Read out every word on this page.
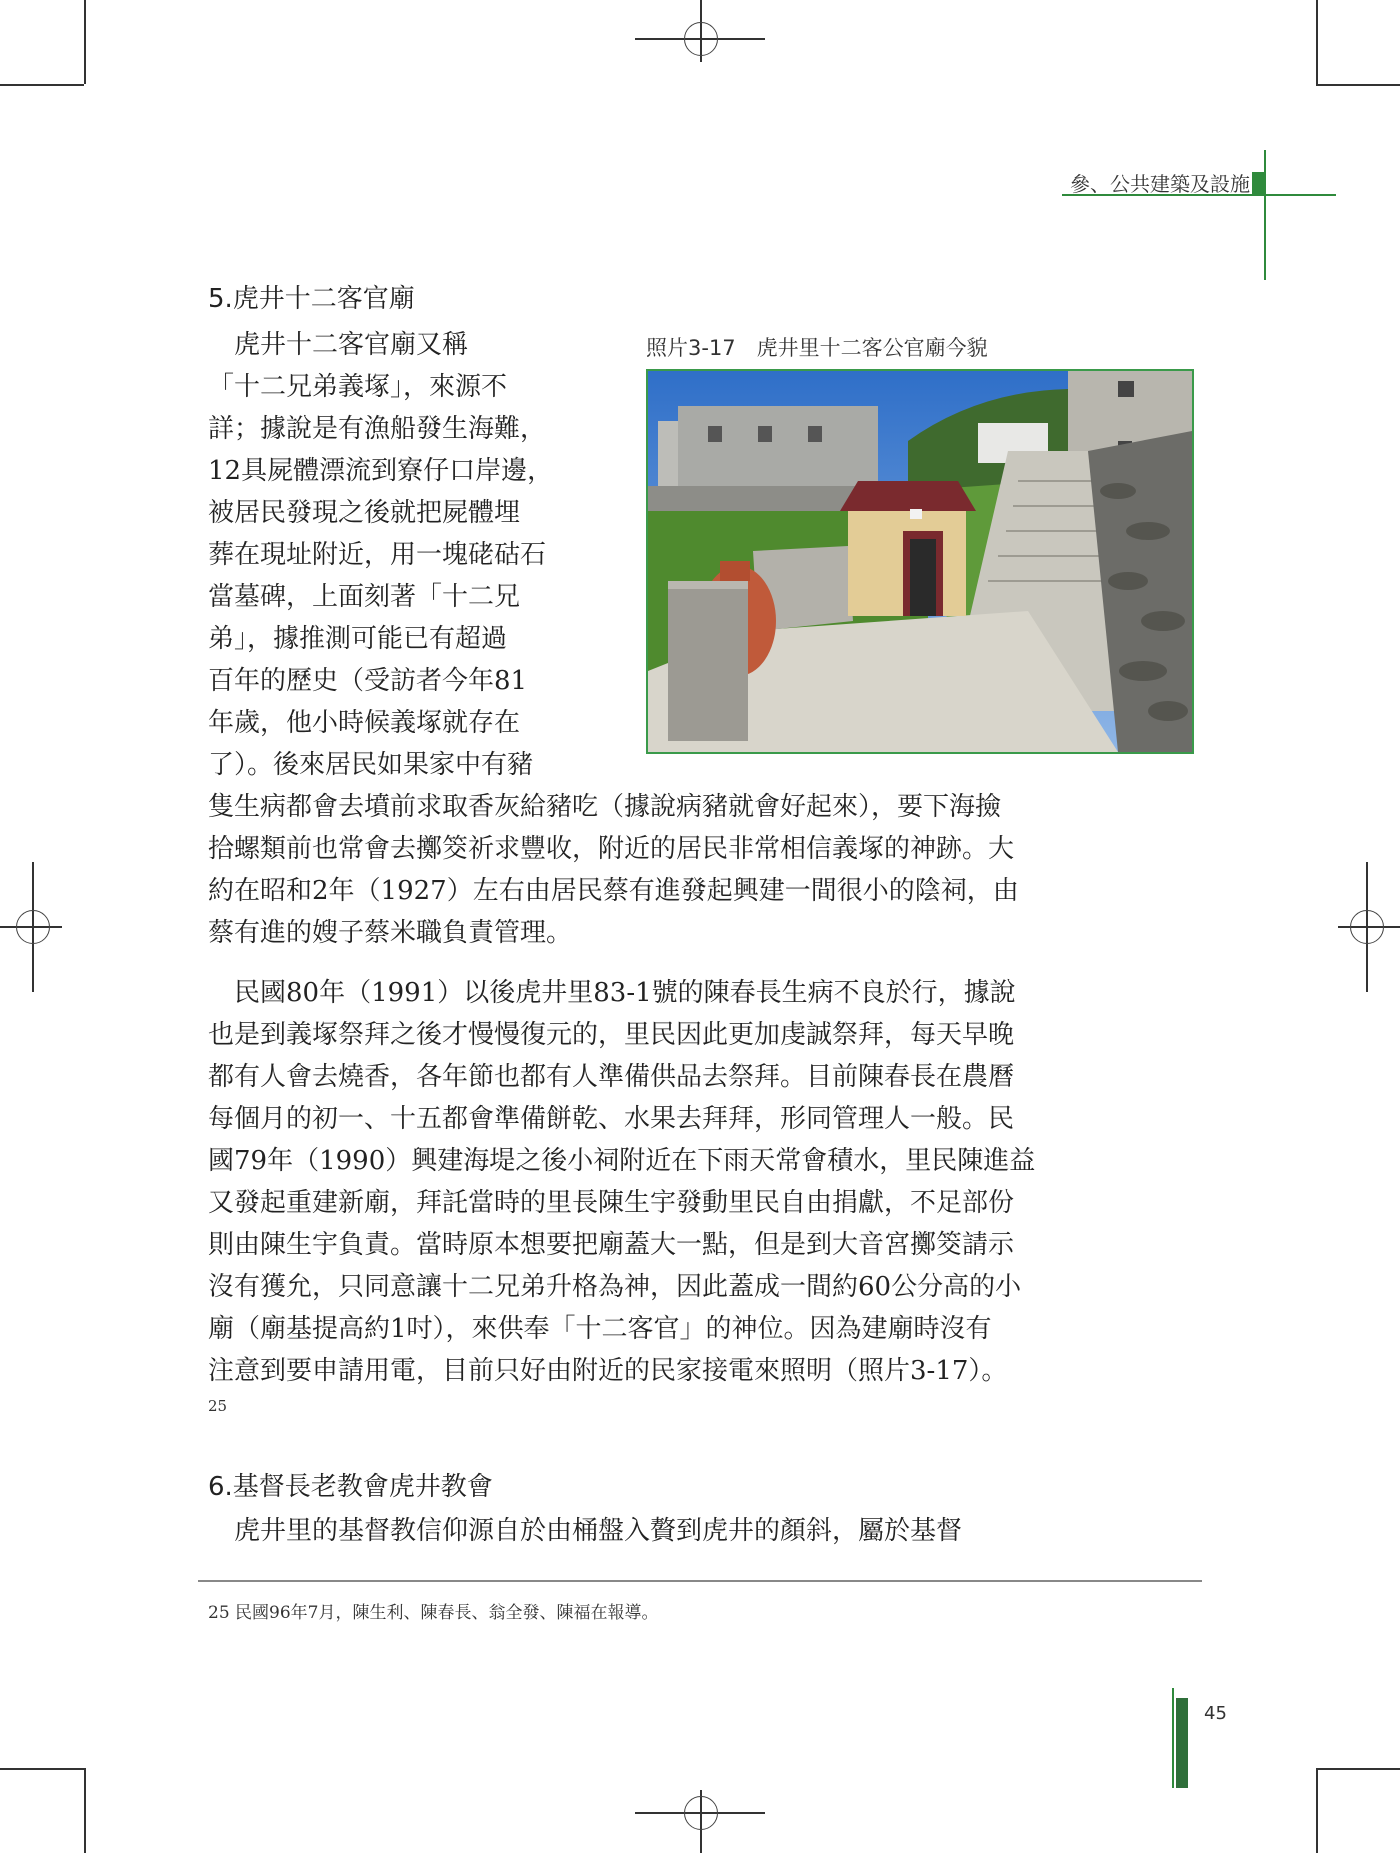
參、公共建築及設施
5.虎井十二客官廟
照片3-17　虎井里十二客公官廟今貌
　虎井十二客官廟又稱
「十二兄弟義塚」，來源不
詳；據說是有漁船發生海難，
12具屍體漂流到寮仔口岸邊，
被居民發現之後就把屍體埋
葬在現址附近，用一塊硓𥑮石
當墓碑，上面刻著「十二兄
弟」，據推測可能已有超過
百年的歷史（受訪者今年81
年歲，他小時候義塚就存在
了）。後來居民如果家中有豬
隻生病都會去墳前求取香灰給豬吃（據說病豬就會好起來），要下海撿
拾螺類前也常會去擲筊祈求豐收，附近的居民非常相信義塚的神跡。大
約在昭和2年（1927）左右由居民蔡有進發起興建一間很小的陰祠，由
蔡有進的嫂子蔡米職負責管理。
　民國80年（1991）以後虎井里83-1號的陳春長生病不良於行，據說
也是到義塚祭拜之後才慢慢復元的，里民因此更加虔誠祭拜，每天早晚
都有人會去燒香，各年節也都有人準備供品去祭拜。目前陳春長在農曆
每個月的初一、十五都會準備餅乾、水果去拜拜，形同管理人一般。民
國79年（1990）興建海堤之後小祠附近在下雨天常會積水，里民陳進益
又發起重建新廟，拜託當時的里長陳生宇發動里民自由捐獻，不足部份
則由陳生宇負責。當時原本想要把廟蓋大一點，但是到大音宮擲筊請示
沒有獲允，只同意讓十二兄弟升格為神，因此蓋成一間約60公分高的小
廟（廟基提高約1吋），來供奉「十二客官」的神位。因為建廟時沒有
注意到要申請用電，目前只好由附近的民家接電來照明（照片3-17）。
25
6.基督長老教會虎井教會
　虎井里的基督教信仰源自於由桶盤入贅到虎井的顏斜，屬於基督
25 民國96年7月，陳生利、陳春長、翁全發、陳福在報導。
45
